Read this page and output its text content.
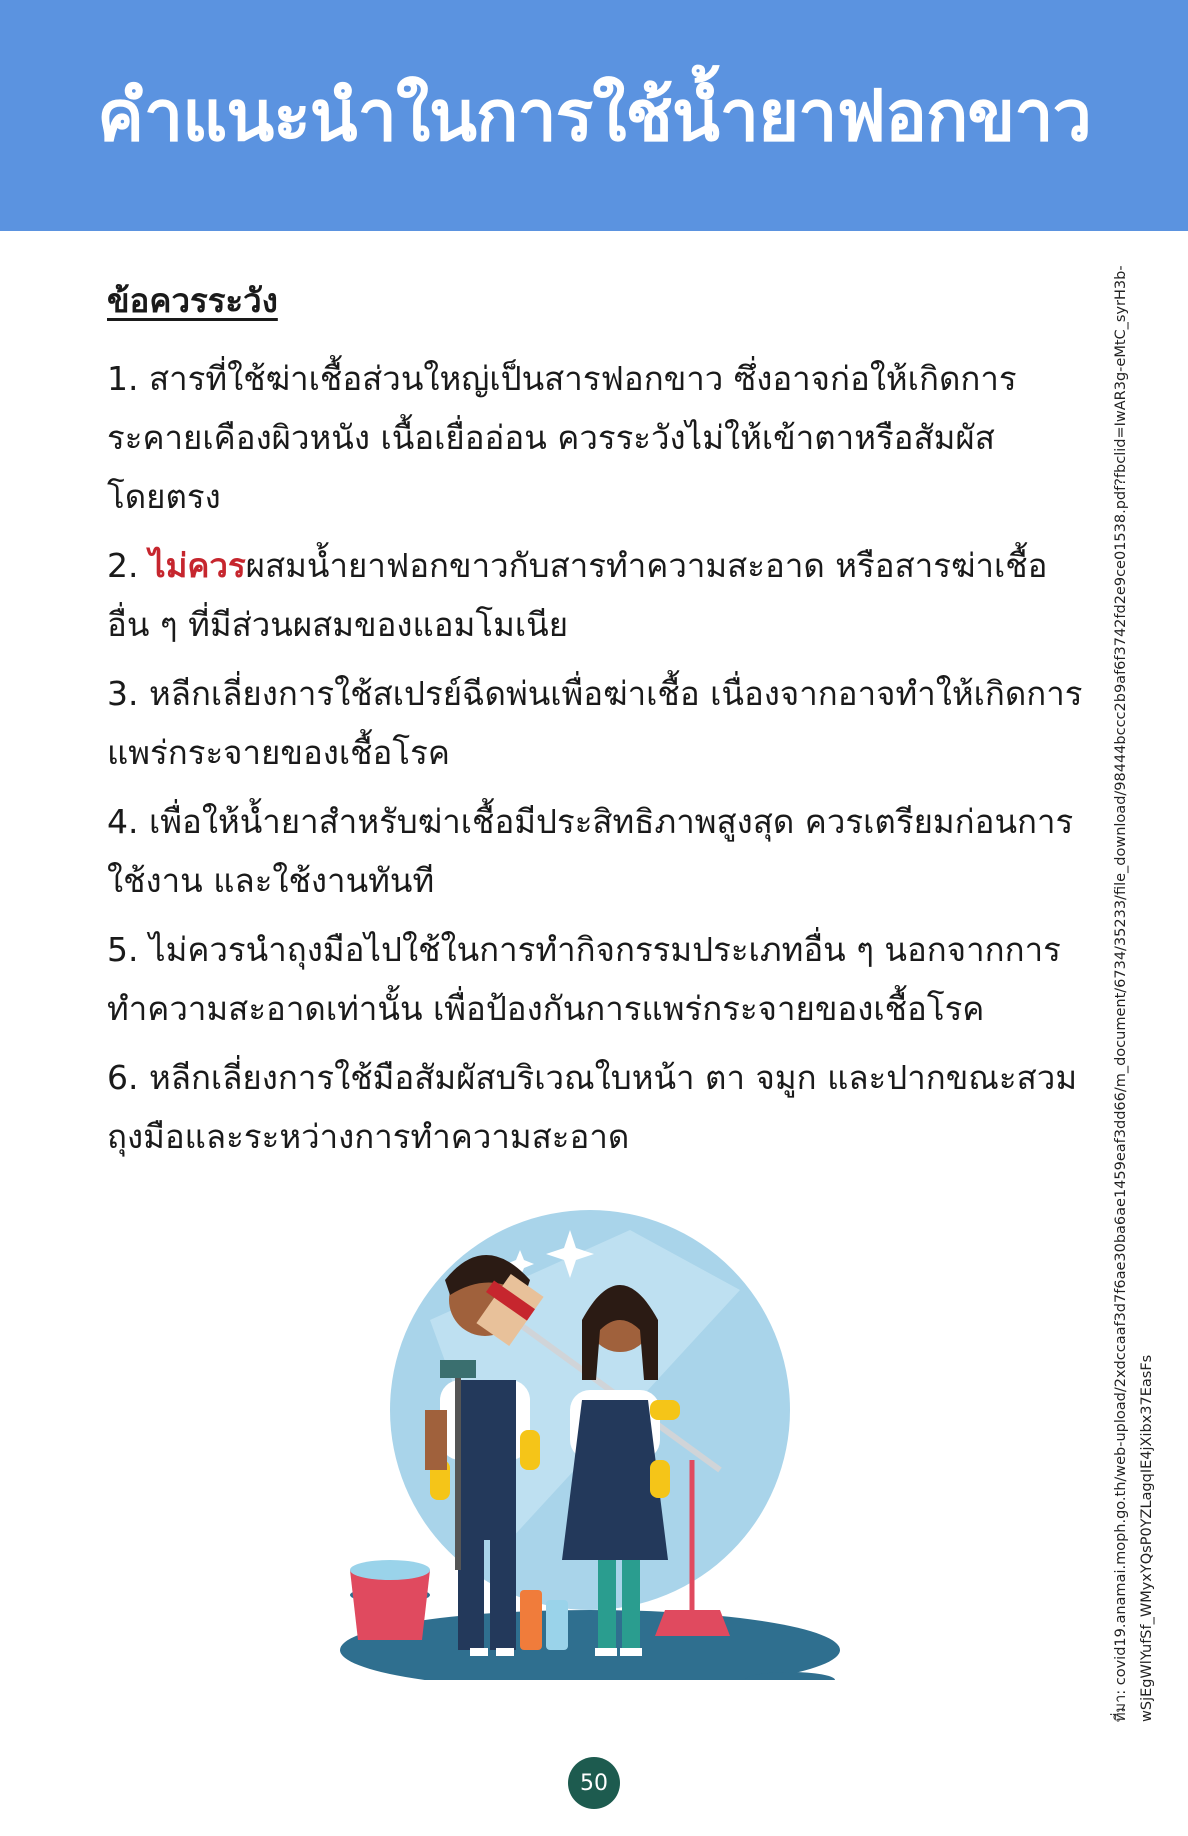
คำแนะนำในการใช้น้ำยาฟอกขาว
ข้อควรระวัง

1. สารที่ใช้ฆ่าเชื้อส่วนใหญ่เป็นสารฟอกขาว ซึ่งอาจก่อให้เกิดการระคายเคืองผิวหนัง เนื้อเยื่ออ่อน ควรระวังไม่ให้เข้าตาหรือสัมผัสโดยตรง

2. ไม่ควรผสมน้ำยาฟอกขาวกับสารทำความสะอาด หรือสารฆ่าเชื้ออื่น ๆ ที่มีส่วนผสมของแอมโมเนีย

3. หลีกเลี่ยงการใช้สเปรย์ฉีดพ่นเพื่อฆ่าเชื้อ เนื่องจากอาจทำให้เกิดการแพร่กระจายของเชื้อโรค

4. เพื่อให้น้ำยาสำหรับฆ่าเชื้อมีประสิทธิภาพสูงสุด ควรเตรียมก่อนการใช้งาน และใช้งานทันที

5. ไม่ควรนำถุงมือไปใช้ในการทำกิจกรรมประเภทอื่น ๆ นอกจากการทำความสะอาดเท่านั้น เพื่อป้องกันการแพร่กระจายของเชื้อโรค

6. หลีกเลี่ยงการใช้มือสัมผัสบริเวณใบหน้า ตา จมูก และปากขณะสวมถุงมือและระหว่างการทำความสะอาด	ที่มา: covid19.anamai.moph.go.th/web-upload/2xdccaaf3d7f6ae30ba6ae1459eaf3dd66/m_document/6734/35233/file_download/98444bccc2b9af6f3742fd2e9ce01538.pdf?fbclid=IwAR3g-eMtC_syrH3b- wSjEgWlYufSf_WMyxYQsP0YZLagqIE4jXibx37EasFs
50
